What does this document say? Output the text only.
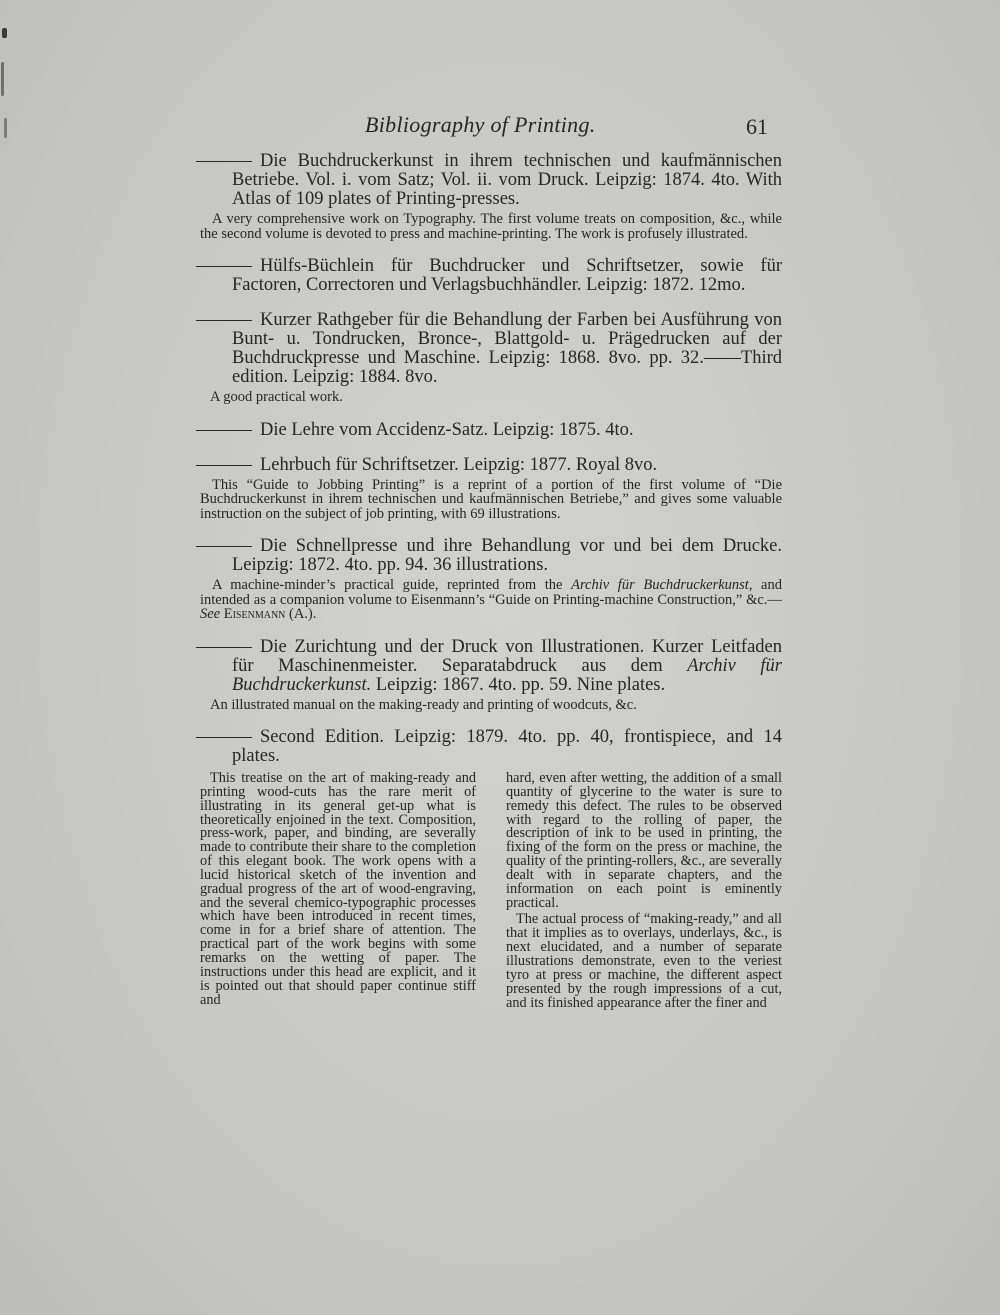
Bibliography of Printing.	61

Die Buchdruckerkunst in ihrem technischen und kaufmännischen Betriebe. Vol. i. vom Satz; Vol. ii. vom Druck. Leipzig: 1874. 4to. With Atlas of 109 plates of Printing-presses.

A very comprehensive work on Typography. The first volume treats on composition, &c., while the second volume is devoted to press and machine-printing. The work is profusely illustrated.

Hülfs-Büchlein für Buchdrucker und Schriftsetzer, sowie für Factoren, Correctoren und Verlagsbuchhändler. Leipzig: 1872. 12mo.

Kurzer Rathgeber für die Behandlung der Farben bei Ausführung von Bunt- u. Tondrucken, Bronce-, Blattgold- u. Prägedrucken auf der Buchdruckpresse und Maschine. Leipzig: 1868. 8vo. pp. 32.——Third edition. Leipzig: 1884. 8vo.

A good practical work.

Die Lehre vom Accidenz-Satz. Leipzig: 1875. 4to.

Lehrbuch für Schriftsetzer. Leipzig: 1877. Royal 8vo.

This “Guide to Jobbing Printing” is a reprint of a portion of the first volume of “Die Buchdruckerkunst in ihrem technischen und kaufmännischen Betriebe,” and gives some valuable instruction on the subject of job printing, with 69 illustrations.

Die Schnellpresse und ihre Behandlung vor und bei dem Drucke. Leipzig: 1872. 4to. pp. 94. 36 illustrations.

A machine-minder’s practical guide, reprinted from the Archiv für Buchdruckerkunst, and intended as a companion volume to Eisenmann’s “Guide on Printing-machine Construction,” &c.—See Eisenmann (A.).

Die Zurichtung und der Druck von Illustrationen. Kurzer Leitfaden für Maschinenmeister. Separatabdruck aus dem Archiv für Buchdruckerkunst. Leipzig: 1867. 4to. pp. 59. Nine plates.

An illustrated manual on the making-ready and printing of woodcuts, &c.

Second Edition. Leipzig: 1879. 4to. pp. 40, frontispiece, and 14 plates.

This treatise on the art of making-ready and printing wood-cuts has the rare merit of illustrating in its general get-up what is theoretically enjoined in the text. Composition, press-work, paper, and binding, are severally made to contribute their share to the completion of this elegant book. The work opens with a lucid historical sketch of the invention and gradual progress of the art of wood-engraving, and the several chemico-typographic processes which have been introduced in recent times, come in for a brief share of attention. The practical part of the work begins with some remarks on the wetting of paper. The instructions under this head are explicit, and it is pointed out that should paper continue stiff and

hard, even after wetting, the addition of a small quantity of glycerine to the water is sure to remedy this defect. The rules to be observed with regard to the rolling of paper, the description of ink to be used in printing, the fixing of the form on the press or machine, the quality of the printing-rollers, &c., are severally dealt with in separate chapters, and the information on each point is eminently practical.

The actual process of “making-ready,” and all that it implies as to overlays, underlays, &c., is next elucidated, and a number of separate illustrations demonstrate, even to the veriest tyro at press or machine, the different aspect presented by the rough impressions of a cut, and its finished appearance after the finer and
